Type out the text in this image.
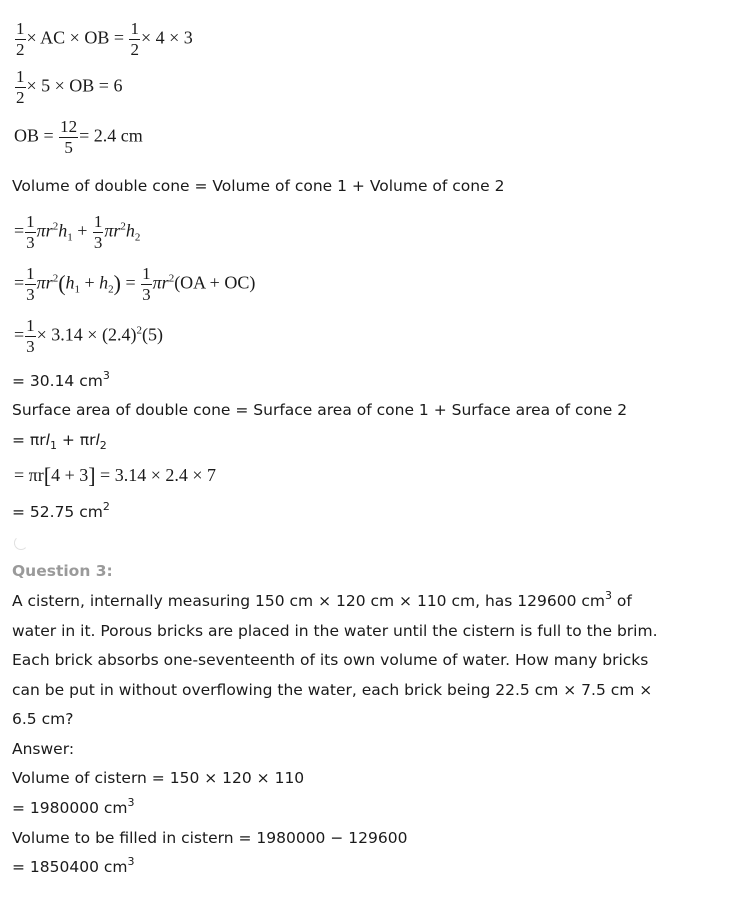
$\frac{1}{2}$ × AC × OB = $\frac{1}{2} \times 4 \times 3$
$\frac{1}{2} \times 5$ × OB = 6
OB = $\frac{12}{5} = 2.4$ cm
Volume of double cone = Volume of cone 1 + Volume of cone 2
= $\frac{1}{3} \pi r^2h_1 + \frac{1}{3} \pi r^2h_2$
= $\frac{1}{3} \pi r^2(h_1 + h_2) = \frac{1}{3} \pi r^2(OA + OC)$
= $\frac{1}{3} \times 3.14 \times (2.4)^2(5)$
= 30.14 $cm^3$
Surface area of double cone = Surface area of cone 1 + Surface area of cone 2
= πrl$_1$ + πrl$_2$
= πr[4 + 3] = 3.14 × 2.4 × 7
= 52.75 $cm^2$
Question 3:
A cistern, internally measuring 150 cm × 120 cm × 110 cm, has 129600 $cm^3$ of
water in it. Porous bricks are placed in the water until the cistern is full to the brim.
Each brick absorbs one-seventeenth of its own volume of water. How many bricks
can be put in without overflowing the water, each brick being 22.5 cm × 7.5 cm ×
6.5 cm?
Answer:
Volume of cistern = 150 × 120 × 110
= 1980000 $cm^3$
Volume to be filled in cistern = 1980000 − 129600
= 1850400 $cm^3$
